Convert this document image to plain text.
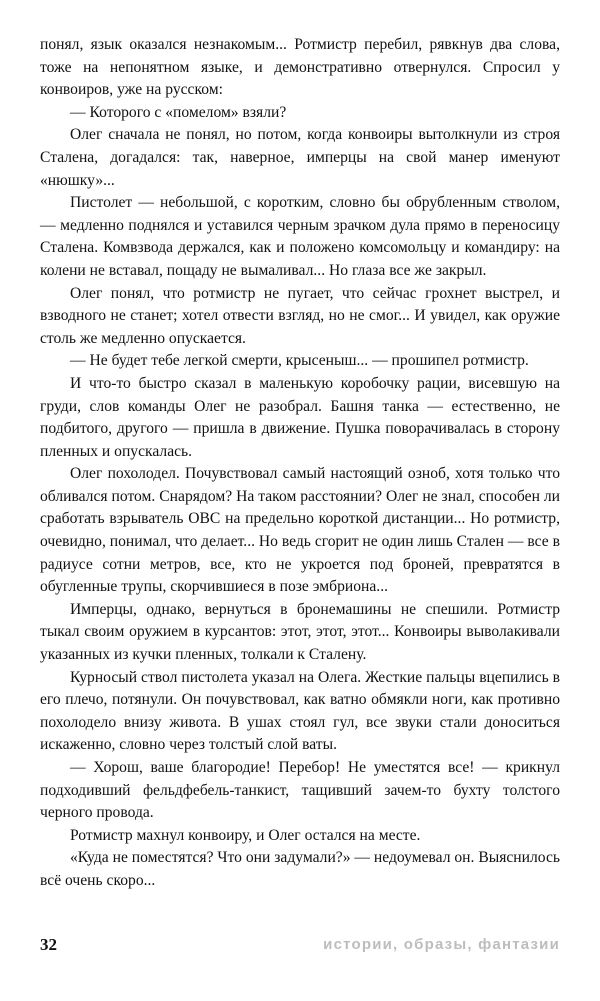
понял, язык оказался незнакомым... Ротмистр перебил, рявкнув два слова, тоже на непонятном языке, и демонстративно отвернулся. Спросил у конвоиров, уже на русском:

— Которого с «помелом» взяли?

Олег сначала не понял, но потом, когда конвоиры вытолкнули из строя Сталена, догадался: так, наверное, имперцы на свой манер именуют «нюшку»...

Пистолет — небольшой, с коротким, словно бы обрубленным стволом, — медленно поднялся и уставился черным зрачком дула прямо в переносицу Сталена. Комвзвода держался, как и положено комсомольцу и командиру: на колени не вставал, пощаду не вымаливал... Но глаза все же закрыл.

Олег понял, что ротмистр не пугает, что сейчас грохнет выстрел, и взводного не станет; хотел отвести взгляд, но не смог... И увидел, как оружие столь же медленно опускается.

— Не будет тебе легкой смерти, крысеныш... — прошипел ротмистр.

И что-то быстро сказал в маленькую коробочку рации, висевшую на груди, слов команды Олег не разобрал. Башня танка — естественно, не подбитого, другого — пришла в движение. Пушка поворачивалась в сторону пленных и опускалась.

Олег похолодел. Почувствовал самый настоящий озноб, хотя только что обливался потом. Снарядом? На таком расстоянии? Олег не знал, способен ли сработать взрыватель ОВС на предельно короткой дистанции... Но ротмистр, очевидно, понимал, что делает... Но ведь сгорит не один лишь Стален — все в радиусе сотни метров, все, кто не укроется под броней, превратятся в обугленные трупы, скорчившиеся в позе эмбриона...

Имперцы, однако, вернуться в бронемашины не спешили. Ротмистр тыкал своим оружием в курсантов: этот, этот, этот... Конвоиры выволакивали указанных из кучки пленных, толкали к Сталену.

Курносый ствол пистолета указал на Олега. Жесткие пальцы вцепились в его плечо, потянули. Он почувствовал, как ватно обмякли ноги, как противно похолодело внизу живота. В ушах стоял гул, все звуки стали доноситься искаженно, словно через толстый слой ваты.

— Хорош, ваше благородие! Перебор! Не уместятся все! — крикнул подходивший фельдфебель-танкист, тащивший зачем-то бухту толстого черного провода.

Ротмистр махнул конвоиру, и Олег остался на месте.

«Куда не поместятся? Что они задумали?» — недоумевал он. Выяснилось всё очень скоро...

32	истории, образы, фантазии
